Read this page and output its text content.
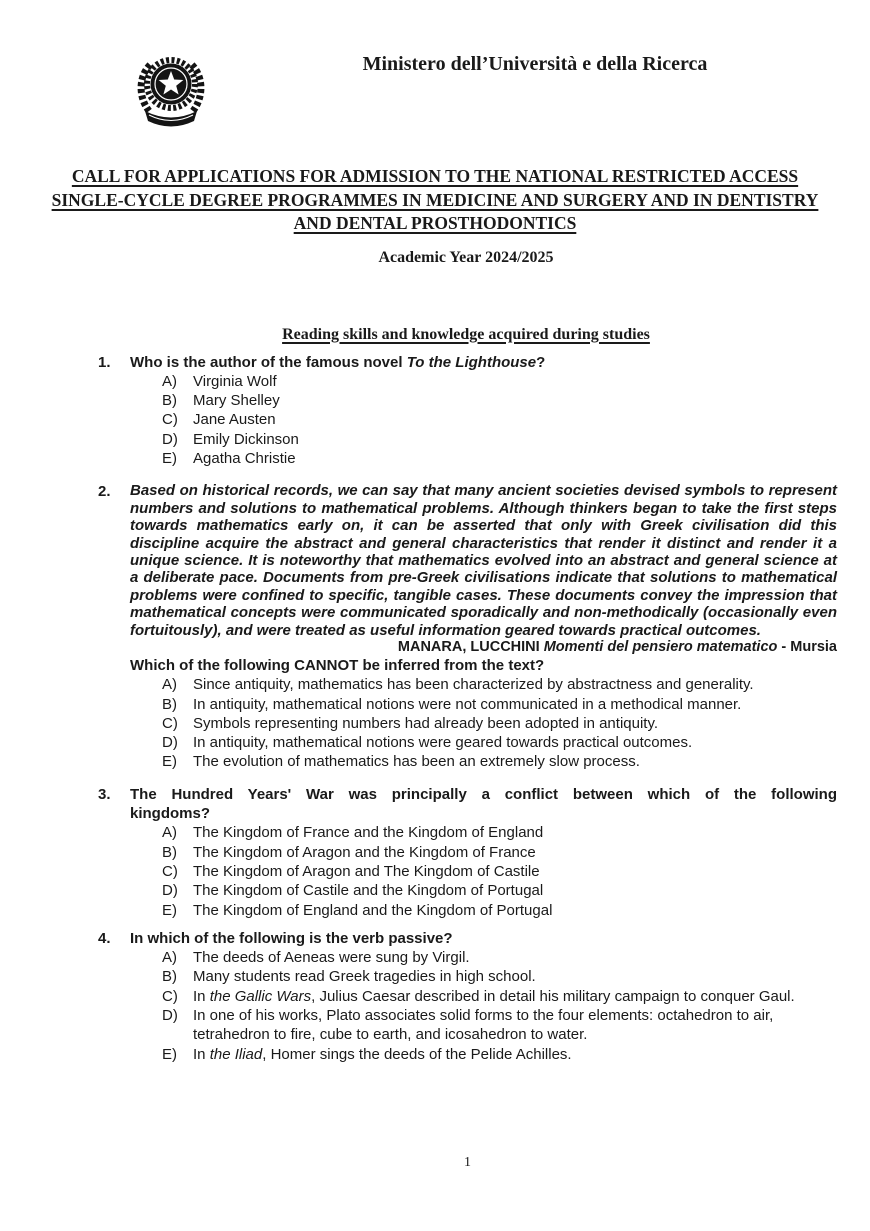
Ministero dell’Università e della Ricerca
CALL FOR APPLICATIONS FOR ADMISSION TO THE NATIONAL RESTRICTED ACCESS
SINGLE-CYCLE DEGREE PROGRAMMES IN MEDICINE AND SURGERY AND IN DENTISTRY
AND DENTAL PROSTHODONTICS
Academic Year 2024/2025
Reading skills and knowledge acquired during studies
1.	Who is the author of the famous novel To the Lighthouse?
A)	Virginia Wolf
B)	Mary Shelley
C)	Jane Austen
D)	Emily Dickinson
E)	Agatha Christie
2.	Based on historical records, we can say that many ancient societies devised symbols to represent numbers and solutions to mathematical problems. Although thinkers began to take the first steps towards mathematics early on, it can be asserted that only with Greek civilisation did this discipline acquire the abstract and general characteristics that render it distinct and render it a unique science. It is noteworthy that mathematics evolved into an abstract and general science at a deliberate pace. Documents from pre-Greek civilisations indicate that solutions to mathematical problems were confined to specific, tangible cases. These documents convey the impression that mathematical concepts were communicated sporadically and non-methodically (occasionally even fortuitously), and were treated as useful information geared towards practical outcomes.
MANARA, LUCCHINI Momenti del pensiero matematico - Mursia
Which of the following CANNOT be inferred from the text?
A)	Since antiquity, mathematics has been characterized by abstractness and generality.
B)	In antiquity, mathematical notions were not communicated in a methodical manner.
C)	Symbols representing numbers had already been adopted in antiquity.
D)	In antiquity, mathematical notions were geared towards practical outcomes.
E)	The evolution of mathematics has been an extremely slow process.
3.	The Hundred Years' War was principally a conflict between which of the following
kingdoms?
A)	The Kingdom of France and the Kingdom of England
B)	The Kingdom of Aragon and the Kingdom of France
C)	The Kingdom of Aragon and The Kingdom of Castile
D)	The Kingdom of Castile and the Kingdom of Portugal
E)	The Kingdom of England and the Kingdom of Portugal
4.	In which of the following is the verb passive?
A)	The deeds of Aeneas were sung by Virgil.
B)	Many students read Greek tragedies in high school.
C)	In the Gallic Wars, Julius Caesar described in detail his military campaign to conquer Gaul.
D)	In one of his works, Plato associates solid forms to the four elements: octahedron to air, tetrahedron to fire, cube to earth, and icosahedron to water.
E)	In the Iliad, Homer sings the deeds of the Pelide Achilles.
1
